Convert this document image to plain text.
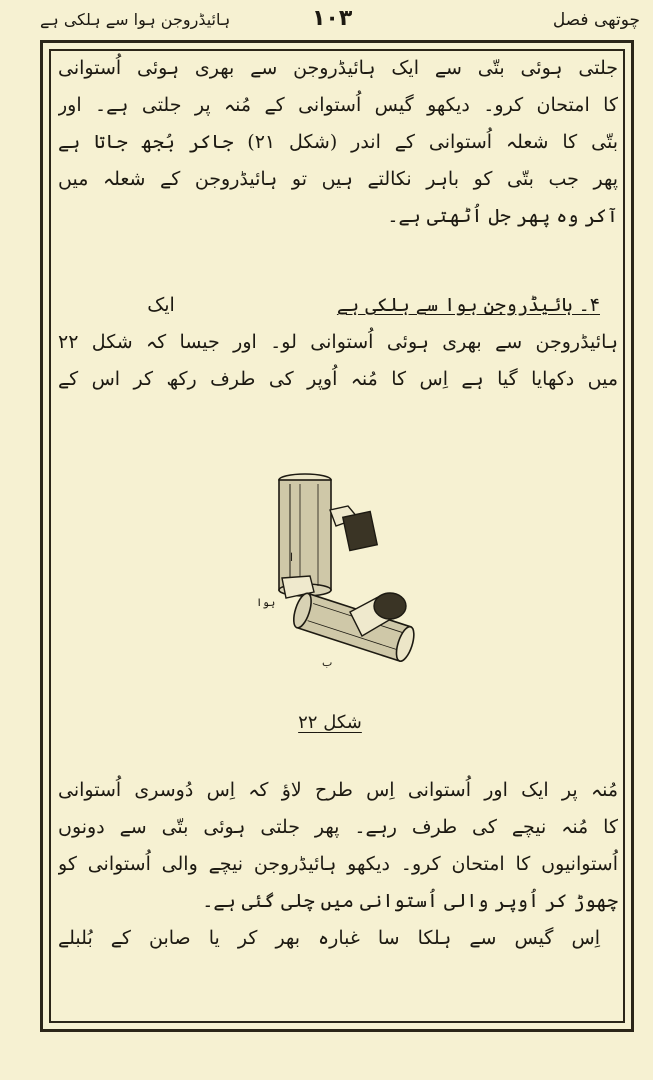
چوتھی فصل
۱۰۳
ہائیڈروجن ہوا سے ہلکی ہے
جلتی ہوئی بتّی سے ایک ہائیڈروجن سے بھری ہوئی اُستوانی
کا امتحان کرو۔ دیکھو گیس اُستوانی کے مُنہ پر جلتی ہے۔ اور
بتّی کا شعلہ اُستوانی کے اندر (شکل ۲۱) جاکر بُجھ جاتا ہے
پھر جب بتّی کو باہر نکالتے ہیں تو ہائیڈروجن کے شعلہ میں
آکر وہ پھر جل اُٹھتی ہے۔
۴۔ ہائیڈروجن ہوا سے ہلکی ہے  ایک
ہائیڈروجن سے بھری ہوئی اُستوانی لو۔ اور جیسا کہ شکل ۲۲
میں دکھایا گیا ہے اِس کا مُنہ اُوپر کی طرف رکھ کر اس کے
ا
ب
ہوا
شکل ۲۲
مُنہ پر ایک اور اُستوانی اِس طرح لاؤ کہ اِس دُوسری اُستوانی
کا مُنہ نیچے کی طرف رہے۔ پھر جلتی ہوئی بتّی سے دونوں
اُستوانیوں کا امتحان کرو۔ دیکھو ہائیڈروجن نیچے والی اُستوانی کو
چھوڑ کر اُوپر والی اُستوانی میں چلی گئی ہے۔
اِس گیس سے ہلکا سا غبارہ بھر کر یا صابن کے بُلبلے
